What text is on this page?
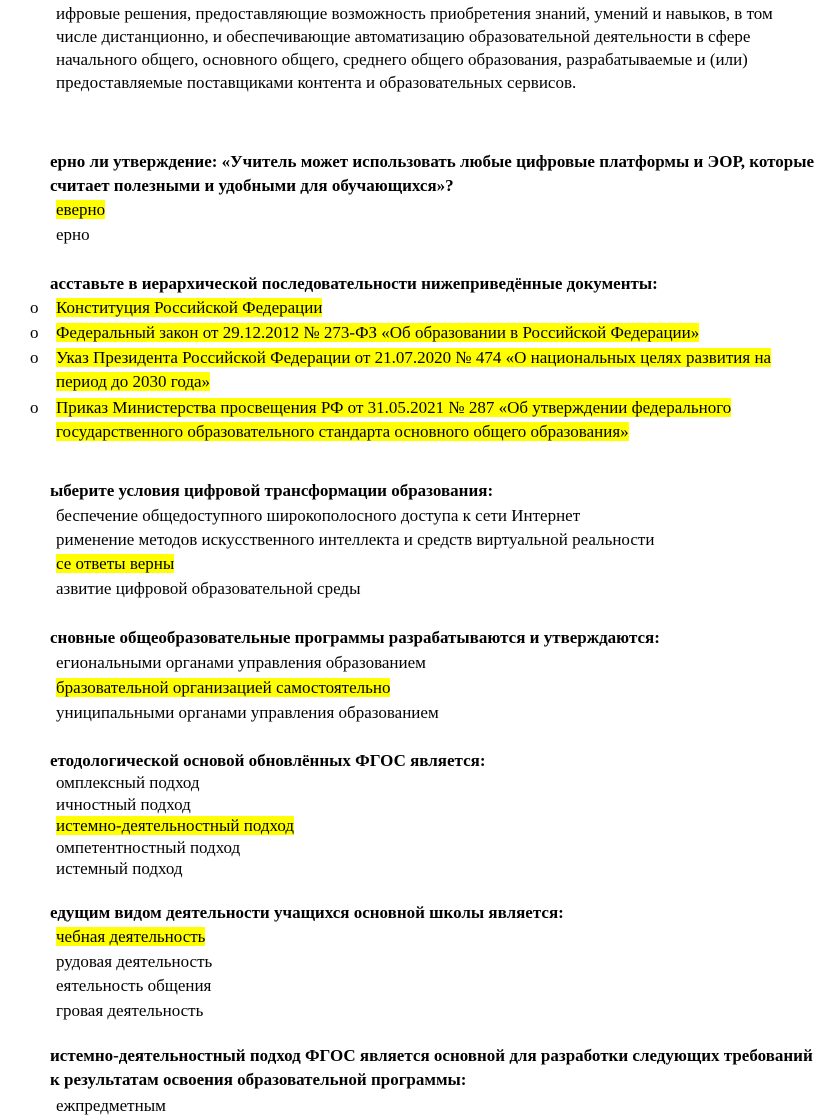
ифровые решения, предоставляющие возможность приобретения знаний, умений и навыков, в том числе дистанционно, и обеспечивающие автоматизацию образовательной деятельности в сфере начального общего, основного общего, среднего общего образования, разрабатываемые и (или) предоставляемые поставщиками контента и образовательных сервисов.
ерно ли утверждение: «Учитель может использовать любые цифровые платформы и ЭОР, которые считает полезными и удобными для обучающихся»?
еверно
ерно
асставьте в иерархической последовательности нижеприведённые документы:
o Конституция Российской Федерации
o Федеральный закон от 29.12.2012 № 273-ФЗ «Об образовании в Российской Федерации»
o Указ Президента Российской Федерации от 21.07.2020 № 474 «О национальных целях развития на период до 2030 года»
o Приказ Министерства просвещения РФ от 31.05.2021 № 287 «Об утверждении федерального государственного образовательного стандарта основного общего образования»
ыберите условия цифровой трансформации образования:
беспечение общедоступного широкополосного доступа к сети Интернет
рименение методов искусственного интеллекта и средств виртуальной реальности
се ответы верны
азвитие цифровой образовательной среды
сновные общеобразовательные программы разрабатываются и утверждаются:
егиональными органами управления образованием
бразовательной организацией самостоятельно
униципальными органами управления образованием
етодологической основой обновлённых ФГОС является:
омплексный подход
ичностный подход
истемно-деятельностный подход
омпетентностный подход
истемный подход
едущим видом деятельности учащихся основной школы является:
чебная деятельность
рудовая деятельность
еятельность общения
гровая деятельность
истемно-деятельностный подход ФГОС является основной для разработки следующих требований к результатам освоения образовательной программы:
ежпредметным
